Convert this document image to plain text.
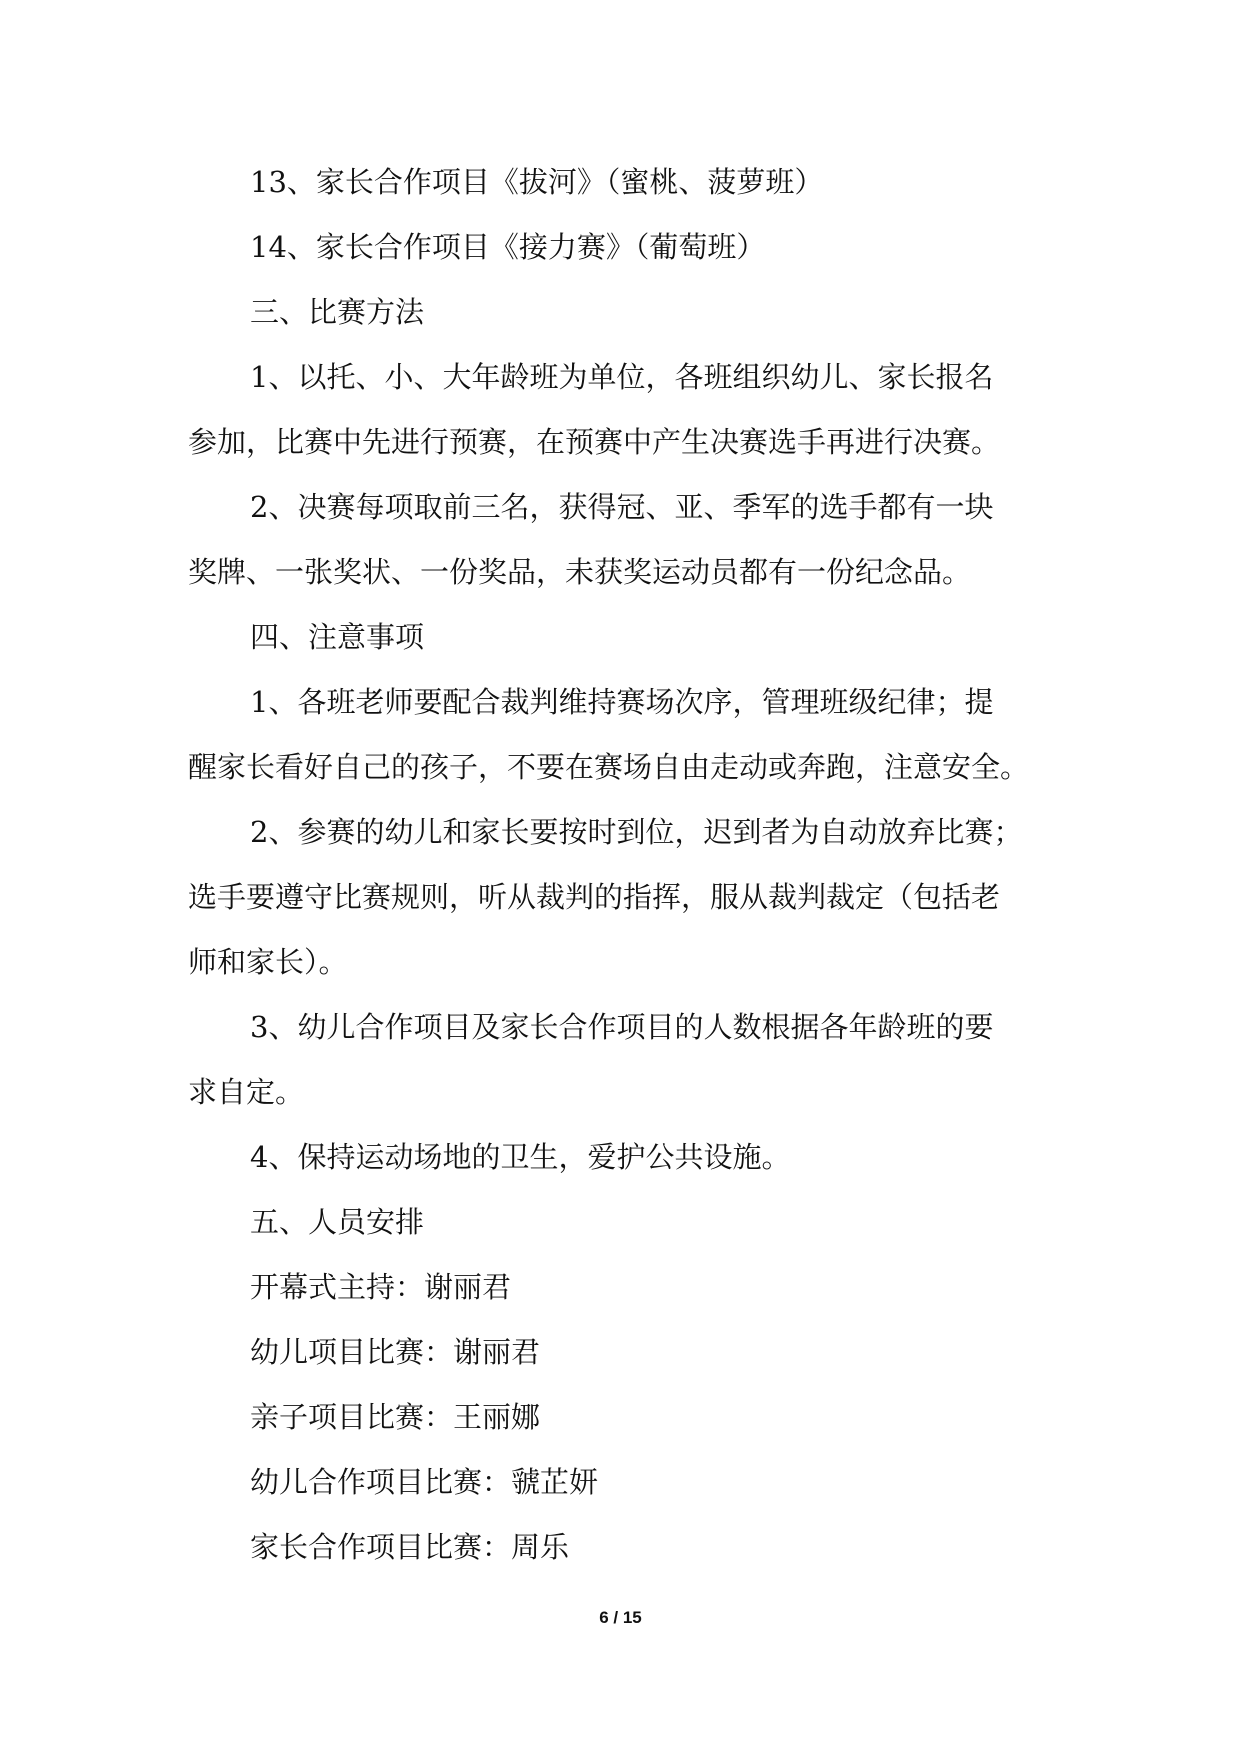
13、家长合作项目《拔河》（蜜桃、菠萝班）
14、家长合作项目《接力赛》（葡萄班）
三、比赛方法
1、以托、小、大年龄班为单位，各班组织幼儿、家长报名
参加，比赛中先进行预赛，在预赛中产生决赛选手再进行决赛。
2、决赛每项取前三名，获得冠、亚、季军的选手都有一块
奖牌、一张奖状、一份奖品，未获奖运动员都有一份纪念品。
四、注意事项
1、各班老师要配合裁判维持赛场次序，管理班级纪律；提
醒家长看好自己的孩子，不要在赛场自由走动或奔跑，注意安全。
2、参赛的幼儿和家长要按时到位，迟到者为自动放弃比赛；
选手要遵守比赛规则，听从裁判的指挥，服从裁判裁定（包括老
师和家长）。
3、幼儿合作项目及家长合作项目的人数根据各年龄班的要
求自定。
4、保持运动场地的卫生，爱护公共设施。
五、人员安排
开幕式主持：谢丽君
幼儿项目比赛：谢丽君
亲子项目比赛：王丽娜
幼儿合作项目比赛：虢芷妍
家长合作项目比赛：周乐
6 / 15
